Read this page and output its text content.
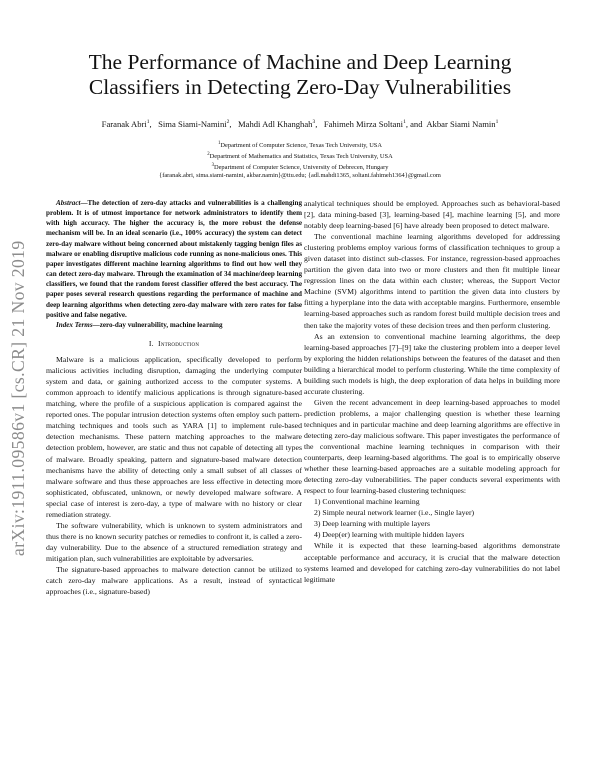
The Performance of Machine and Deep Learning
Classifiers in Detecting Zero-Day Vulnerabilities
Faranak Abri$^1$,   Sima Siami-Namini$^2$,   Mahdi Adl Khanghah$^3$,   Fahimeh Mirza Soltani$^1$, and  Akbar Siami Namin$^1$
$^1$Department of Computer Science, Texas Tech University, USA
$^2$Department of Mathematics and Statistics, Texas Tech University, USA
$^3$Department of Computer Science, University of Debrecen, Hungary
{faranak.abri, sima.siami-namini, akbar.namin}@ttu.edu; {adl.mahdi1365, soltani.fahimeh1364}@gmail.com
arXiv:1911.09586v1 [cs.CR] 21 Nov 2019

Abstract—The detection of zero-day attacks and vulnerabilities is a challenging problem. It is of utmost importance for network administrators to identify them with high accuracy. The higher the accuracy is, the more robust the defense mechanism will be. In an ideal scenario (i.e., 100% accuracy) the system can detect zero-day malware without being concerned about mistakenly tagging benign files as malware or enabling disruptive malicious code running as none-malicious ones. This paper investigates different machine learning algorithms to find out how well they can detect zero-day malware. Through the examination of 34 machine/deep learning classifiers, we found that the random forest classifier offered the best accuracy. The paper poses several research questions regarding the performance of machine and deep learning algorithms when detecting zero-day malware with zero rates for false positive and false negative.

Index Terms—zero-day vulnerability, machine learning

I. Introduction

Malware is a malicious application, specifically developed to perform malicious activities including disruption, damaging the underlying computer system and data, or gaining authorized access to the computer systems. A common approach to identify malicious applications is through signature-based matching, where the profile of a suspicious application is compared against the reported ones. The popular intrusion detection systems often employ such pattern-matching techniques and tools such as YARA [1] to implement rule-based detection mechanisms. These pattern matching approaches to the malware detection problem, however, are static and thus not capable of detecting all types of malware. Broadly speaking, pattern and signature-based malware detection mechanisms have the ability of detecting only a small subset of all classes of malware software and thus these approaches are less effective in detecting more sophisticated, obfuscated, unknown, or newly developed malware software. A special case of interest is zero-day, a type of malware with no history or clear remediation strategy.

The software vulnerability, which is unknown to system administrators and thus there is no known security patches or remedies to confront it, is called a zero-day vulnerability. Due to the absence of a structured remediation strategy and mitigation plan, such vulnerabilities are exploitable by adversaries.

The signature-based approaches to malware detection cannot be utilized to catch zero-day malware applications. As a result, instead of syntactical approaches (i.e., signature-based)

analytical techniques should be employed. Approaches such as behavioral-based [2], data mining-based [3], learning-based [4], machine learning [5], and more notably deep learning-based [6] have already been proposed to detect malware.

The conventional machine learning algorithms developed for addressing clustering problems employ various forms of classification techniques to group a given dataset into distinct sub-classes. For instance, regression-based approaches partition the given data into two or more clusters and then fit multiple linear regression lines on the data within each cluster; whereas, the Support Vector Machine (SVM) algorithms intend to partition the given data into clusters by fitting a hyperplane into the data with acceptable margins. Furthermore, ensemble learning-based approaches such as random forest build multiple decision trees and then take the majority votes of these decision trees and then perform clustering.

As an extension to conventional machine learning algorithms, the deep learning-based approaches [7]–[9] take the clustering problem into a deeper level by exploring the hidden relationships between the features of the dataset and then building a hierarchical model to perform clustering. While the time complexity of building such models is high, the deep exploration of data helps in building more accurate clustering.

Given the recent advancement in deep learning-based approaches to model prediction problems, a major challenging question is whether these learning techniques and in particular machine and deep learning algorithms are effective in detecting zero-day malicious software. This paper investigates the performance of the conventional machine learning techniques in comparison with their counterparts, deep learning-based algorithms. The goal is to empirically observe whether these learning-based approaches are a suitable modeling approach for detecting zero-day vulnerabilities. The paper conducts several experiments with respect to four learning-based clustering techniques:

1) Conventional machine learning
2) Simple neural network learner (i.e., Single layer)
3) Deep learning with multiple layers
4) Deep(er) learning with multiple hidden layers

While it is expected that these learning-based algorithms demonstrate acceptable performance and accuracy, it is crucial that the malware detection systems learned and developed for catching zero-day vulnerabilities do not label legitimate
